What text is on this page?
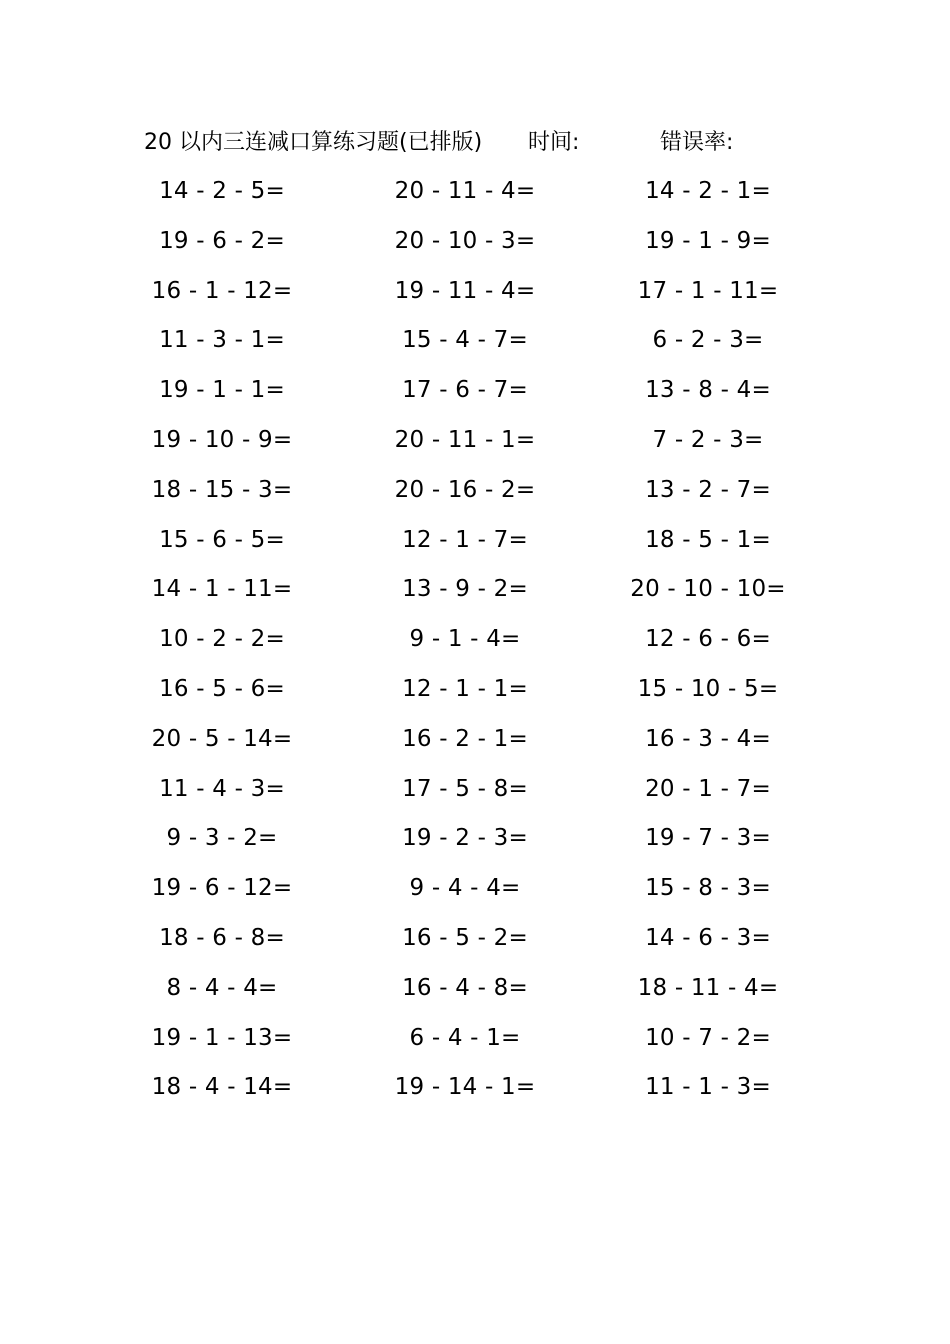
20 以内三连减口算练习题(已排版) 时间:	错误率:
14 - 2 - 5=	20 - 11 - 4=	14 - 2 - 1=
19 - 6 - 2=	20 - 10 - 3=	19 - 1 - 9=
16 - 1 - 12=	19 - 11 - 4=	17 - 1 - 11=
11 - 3 - 1=	15 - 4 - 7=	6 - 2 - 3=
19 - 1 - 1=	17 - 6 - 7=	13 - 8 - 4=
19 - 10 - 9=	20 - 11 - 1=	7 - 2 - 3=
18 - 15 - 3=	20 - 16 - 2=	13 - 2 - 7=
15 - 6 - 5=	12 - 1 - 7=	18 - 5 - 1=
14 - 1 - 11=	13 - 9 - 2=	20 - 10 - 10=
10 - 2 - 2=	9 - 1 - 4=	12 - 6 - 6=
16 - 5 - 6=	12 - 1 - 1=	15 - 10 - 5=
20 - 5 - 14=	16 - 2 - 1=	16 - 3 - 4=
11 - 4 - 3=	17 - 5 - 8=	20 - 1 - 7=
9 - 3 - 2=	19 - 2 - 3=	19 - 7 - 3=
19 - 6 - 12=	9 - 4 - 4=	15 - 8 - 3=
18 - 6 - 8=	16 - 5 - 2=	14 - 6 - 3=
8 - 4 - 4=	16 - 4 - 8=	18 - 11 - 4=
19 - 1 - 13=	6 - 4 - 1=	10 - 7 - 2=
18 - 4 - 14=	19 - 14 - 1=	11 - 1 - 3=
